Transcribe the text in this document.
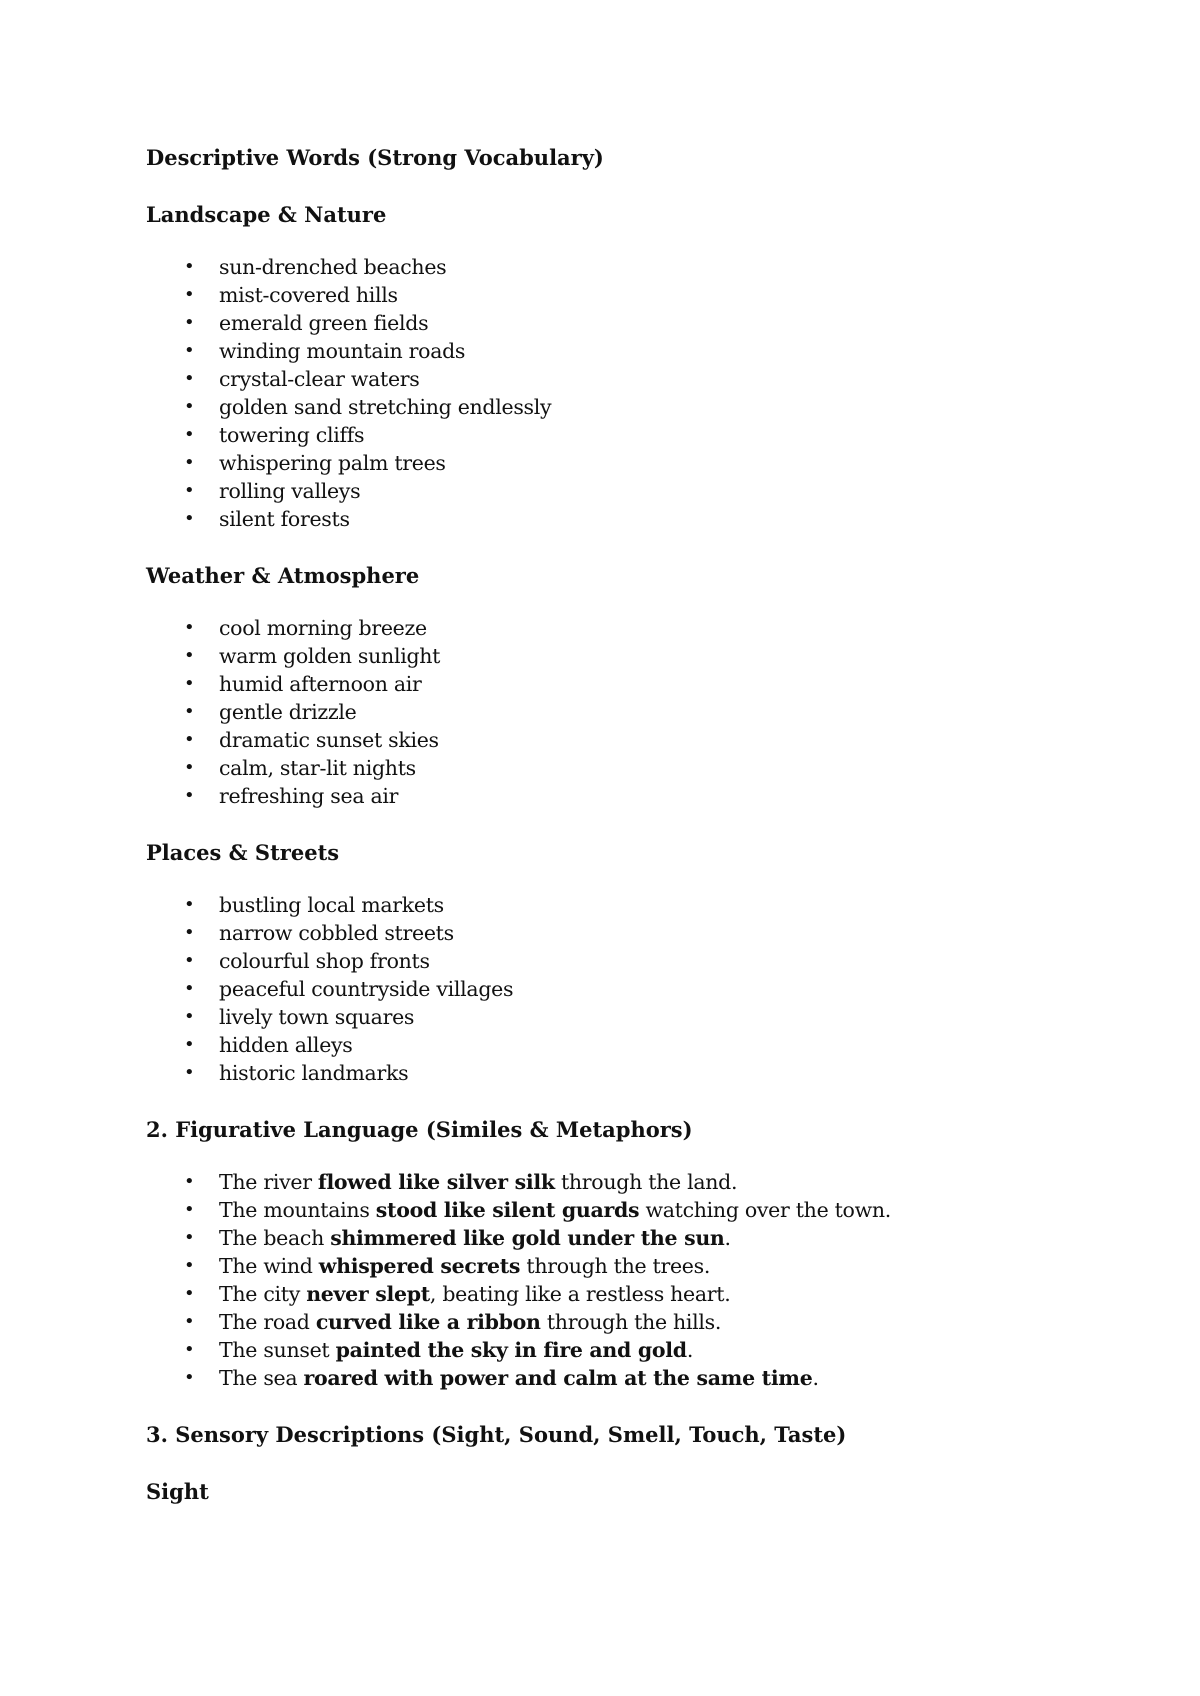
Descriptive Words (Strong Vocabulary)
Landscape & Nature
• sun-drenched beaches
• mist-covered hills
• emerald green fields
• winding mountain roads
• crystal-clear waters
• golden sand stretching endlessly
• towering cliffs
• whispering palm trees
• rolling valleys
• silent forests
Weather & Atmosphere
• cool morning breeze
• warm golden sunlight
• humid afternoon air
• gentle drizzle
• dramatic sunset skies
• calm, star-lit nights
• refreshing sea air
Places & Streets
• bustling local markets
• narrow cobbled streets
• colourful shop fronts
• peaceful countryside villages
• lively town squares
• hidden alleys
• historic landmarks
2. Figurative Language (Similes & Metaphors)
• The river flowed like silver silk through the land.
• The mountains stood like silent guards watching over the town.
• The beach shimmered like gold under the sun.
• The wind whispered secrets through the trees.
• The city never slept, beating like a restless heart.
• The road curved like a ribbon through the hills.
• The sunset painted the sky in fire and gold.
• The sea roared with power and calm at the same time.
3. Sensory Descriptions (Sight, Sound, Smell, Touch, Taste)
Sight
